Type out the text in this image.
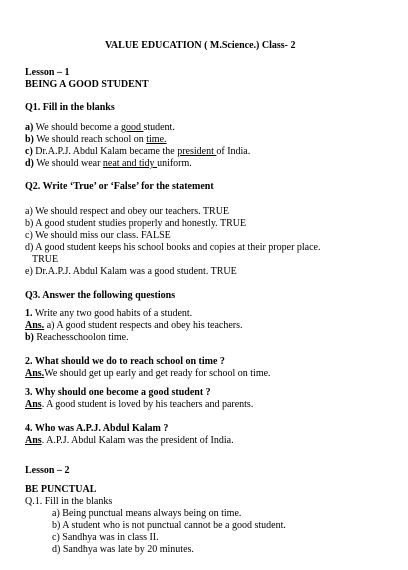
VALUE EDUCATION ( M.Science.) Class- 2
Lesson – 1
BEING A GOOD STUDENT
Q1. Fill in the blanks
a) We should become a good student.
b) We should reach school on time.
c) Dr.A.P.J. Abdul Kalam became the president of India.
d) We should wear neat and tidy uniform.
Q2. Write ‘True’ or ‘False’ for the statement
a) We should respect and obey our teachers. TRUE
b) A good student studies properly and honestly. TRUE
c) We should miss our class. FALSE
d) A good student keeps his school books and copies at their proper place.
TRUE
e) Dr.A.P.J. Abdul Kalam was a good student. TRUE
Q3. Answer the following questions
1. Write any two good habits of a student.
Ans. a) A good student respects and obey his teachers.
b) Reachesschoolon time.
2. What should we do to reach school on time ?
Ans.We should get up early and get ready for school on time.
3. Why should one become a good student ?
Ans. A good student is loved by his teachers and parents.
4. Who was A.P.J. Abdul Kalam ?
Ans. A.P.J. Abdul Kalam was the president of India.
Lesson – 2
BE PUNCTUAL
Q.1. Fill in the blanks
a) Being punctual means always being on time.
b) A student who is not punctual cannot be a good student.
c) Sandhya was in class II.
d) Sandhya was late by 20 minutes.
